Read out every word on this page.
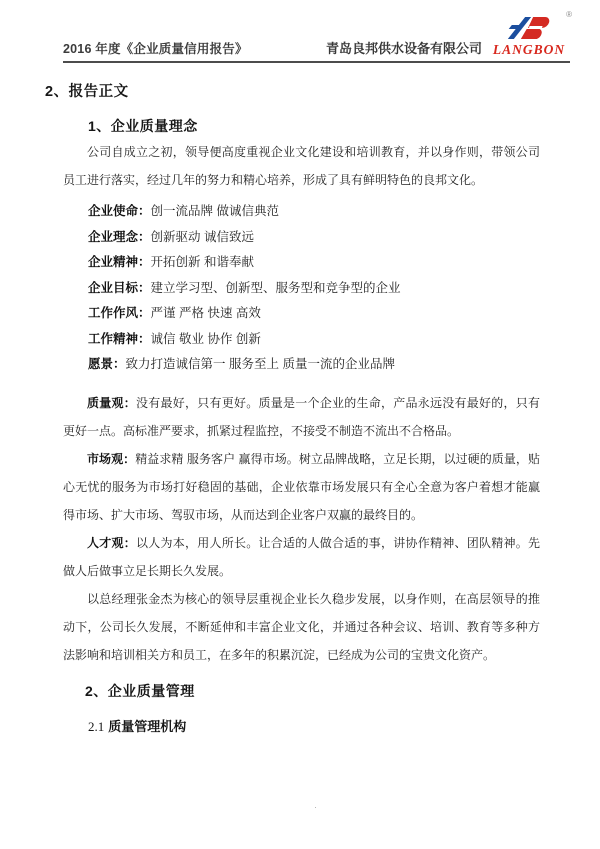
2016 年度《企业质量信用报告》	青岛良邦供水设备有限公司
®
LANGBON
2、报告正文
1、企业质量理念

公司自成立之初，领导便高度重视企业文化建设和培训教育，并以身作则，带领公司员工进行落实，经过几年的努力和精心培养，形成了具有鲜明特色的良邦文化。

企业使命：创一流品牌 做诚信典范
企业理念：创新驱动 诚信致远
企业精神：开拓创新 和谐奉献
企业目标：建立学习型、创新型、服务型和竞争型的企业
工作作风：严谨 严格 快速 高效
工作精神：诚信 敬业 协作 创新
愿景：致力打造诚信第一 服务至上 质量一流的企业品牌

质量观：没有最好，只有更好。质量是一个企业的生命，产品永远没有最好的，只有更好一点。高标准严要求，抓紧过程监控，不接受不制造不流出不合格品。

市场观：精益求精 服务客户 赢得市场。树立品牌战略，立足长期，以过硬的质量，贴心无忧的服务为市场打好稳固的基础，企业依靠市场发展只有全心全意为客户着想才能赢得市场、扩大市场、驾驭市场，从而达到企业客户双赢的最终目的。

人才观：以人为本，用人所长。让合适的人做合适的事，讲协作精神、团队精神。先做人后做事立足长期长久发展。

以总经理张金杰为核心的领导层重视企业长久稳步发展，以身作则，在高层领导的推动下，公司长久发展，不断延伸和丰富企业文化，并通过各种会议、培训、教育等多种方法影响和培训相关方和员工，在多年的积累沉淀，已经成为公司的宝贵文化资产。

2、企业质量管理
2.1 质量管理机构
·
